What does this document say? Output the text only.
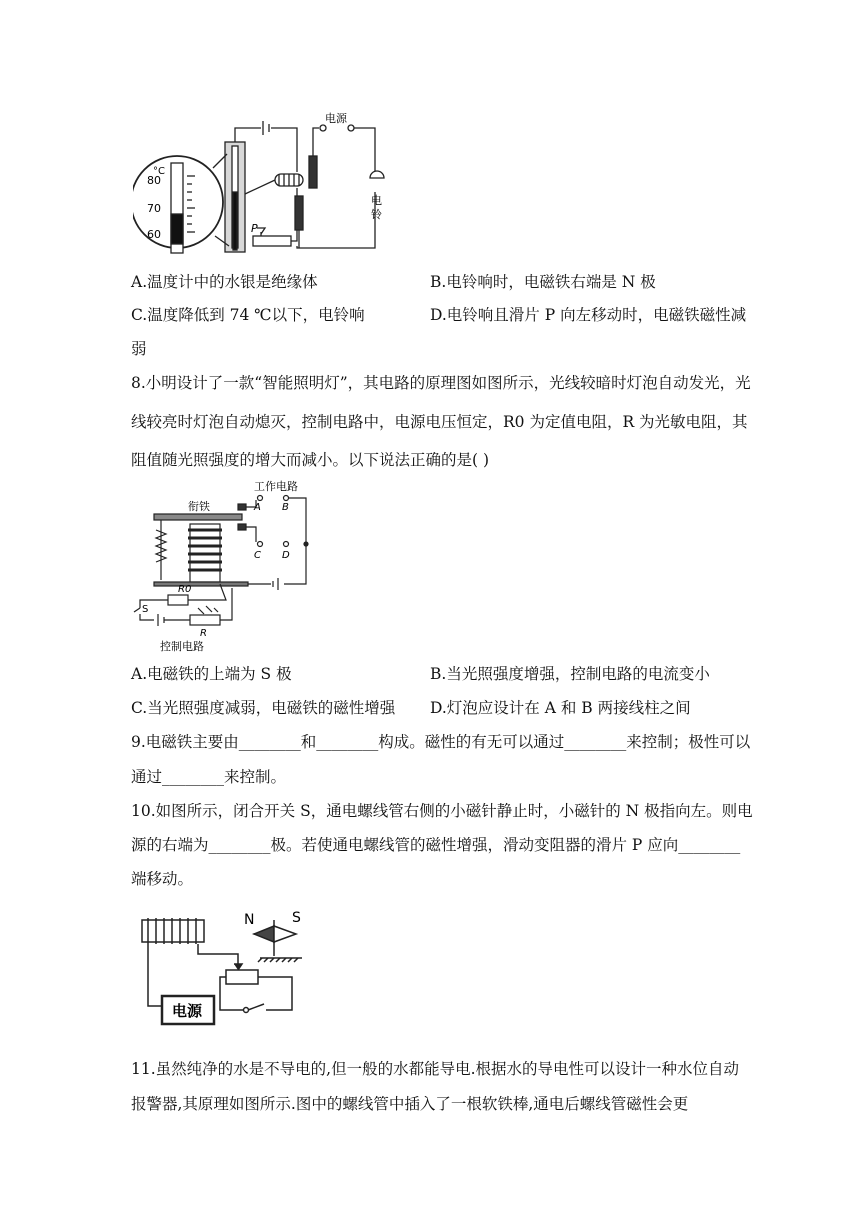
°C
80
70
60
电源
电
铃
P
A.温度计中的水银是绝缘体	B.电铃响时，电磁铁右端是 N 极
C.温度降低到 74 ℃以下，电铃响	D.电铃响且滑片 P 向左移动时，电磁铁磁性减
弱
8.小明设计了一款“智能照明灯”，其电路的原理图如图所示，光线较暗时灯泡自动发光，光
线较亮时灯泡自动熄灭，控制电路中，电源电压恒定，R0 为定值电阻，R 为光敏电阻，其
阻值随光照强度的增大而减小。以下说法正确的是( )
工作电路
衔铁	A B
C D
S
R0
R
控制电路
A.电磁铁的上端为 S 极	B.当光照强度增强，控制电路的电流变小
C.当光照强度减弱，电磁铁的磁性增强 D.灯泡应设计在 A 和 B 两接线柱之间
9.电磁铁主要由________和________构成。磁性的有无可以通过________来控制；极性可以
通过________来控制。
10.如图所示，闭合开关 S，通电螺线管右侧的小磁针静止时，小磁针的 N 极指向左。则电
源的右端为________极。若使通电螺线管的磁性增强，滑动变阻器的滑片 P 应向________
端移动。
N	S
电源
11.虽然纯净的水是不导电的,但一般的水都能导电.根据水的导电性可以设计一种水位自动
报警器,其原理如图所示.图中的螺线管中插入了一根软铁棒,通电后螺线管磁性会更
